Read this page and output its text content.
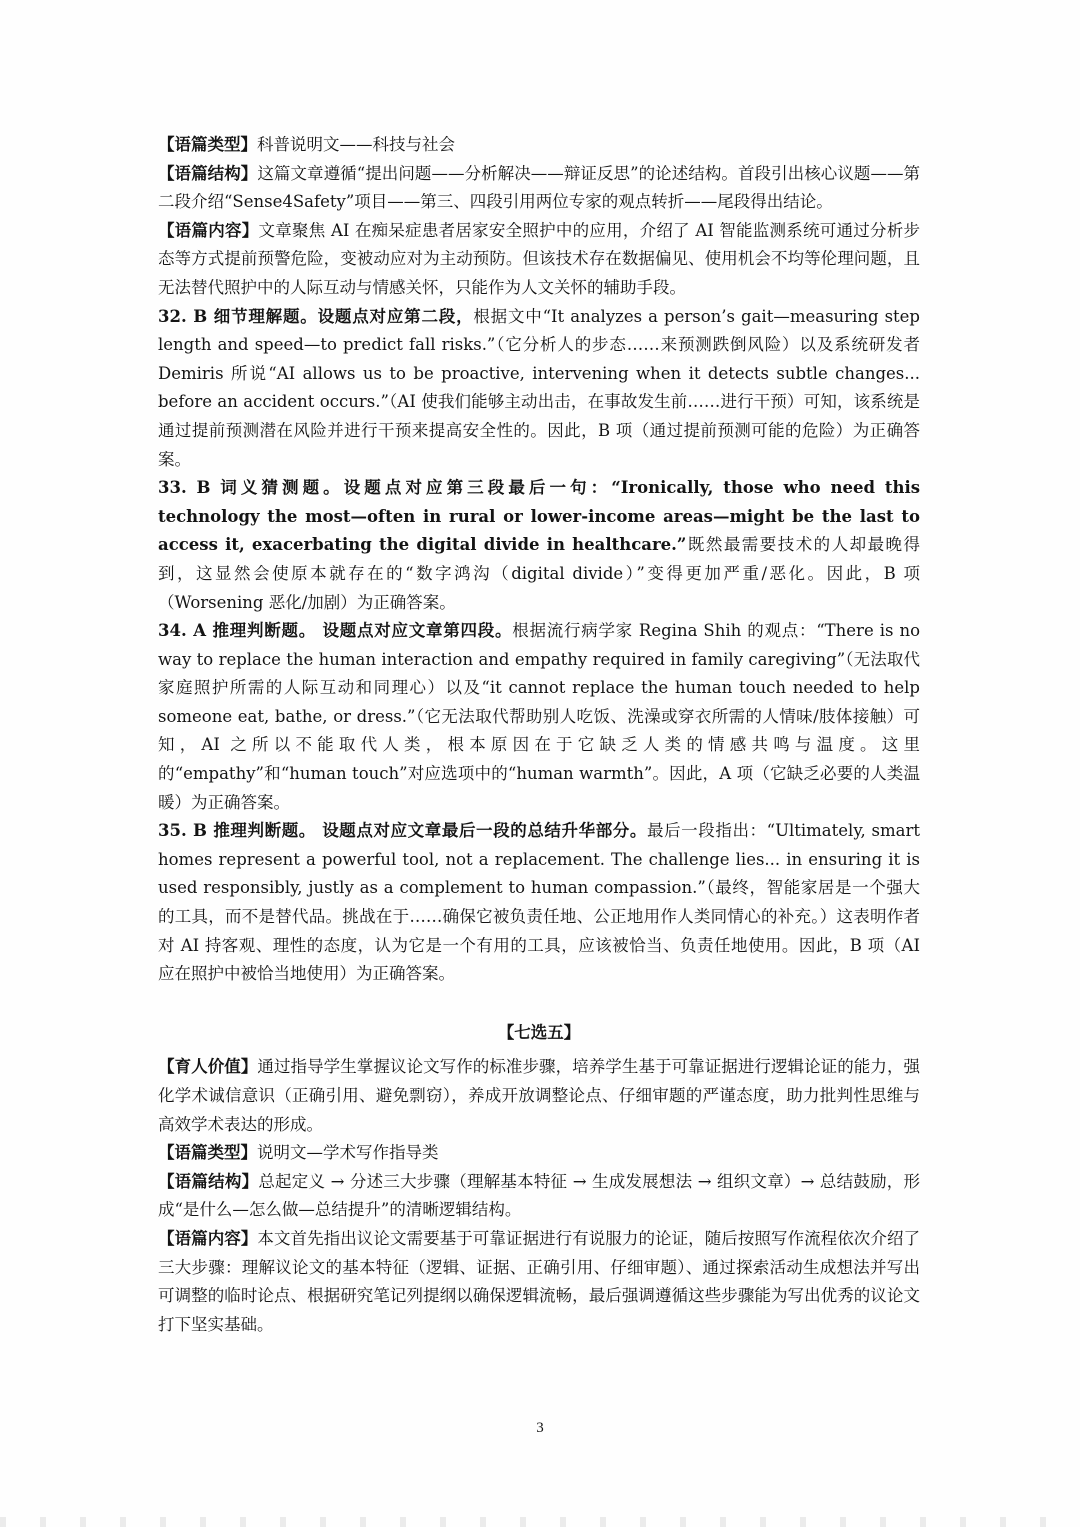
【语篇类型】科普说明文——科技与社会

【语篇结构】这篇文章遵循“提出问题——分析解决——辩证反思”的论述结构。首段引出核心议题——第二段介绍“Sense4Safety”项目——第三、四段引用两位专家的观点转折——尾段得出结论。

【语篇内容】文章聚焦 AI 在痴呆症患者居家安全照护中的应用，介绍了 AI 智能监测系统可通过分析步态等方式提前预警危险，变被动应对为主动预防。但该技术存在数据偏见、使用机会不均等伦理问题，且无法替代照护中的人际互动与情感关怀，只能作为人文关怀的辅助手段。

32. B 细节理解题。设题点对应第二段，根据文中“It analyzes a person’s gait—measuring step length and speed—to predict fall risks.”（它分析人的步态……来预测跌倒风险）以及系统研发者 Demiris 所说“AI allows us to be proactive, intervening when it detects subtle changes... before an accident occurs.”（AI 使我们能够主动出击，在事故发生前……进行干预）可知，该系统是通过提前预测潜在风险并进行干预来提高安全性的。因此，B 项（通过提前预测可能的危险）为正确答案。

33. B 词义猜测题。设题点对应第三段最后一句：“Ironically, those who need this technology the most—often in rural or lower-income areas—might be the last to access it, exacerbating the digital divide in healthcare.”既然最需要技术的人却最晚得到，这显然会使原本就存在的“数字鸿沟（digital divide）”变得更加严重/恶化。因此，B 项（Worsening 恶化/加剧）为正确答案。

34. A 推理判断题。 设题点对应文章第四段。根据流行病学家 Regina Shih 的观点：“There is no way to replace the human interaction and empathy required in family caregiving”（无法取代家庭照护所需的人际互动和同理心）以及“it cannot replace the human touch needed to help someone eat, bathe, or dress.”（它无法取代帮助别人吃饭、洗澡或穿衣所需的人情味/肢体接触）可知，AI 之所以不能取代人类，根本原因在于它缺乏人类的情感共鸣与温度。这里的“empathy”和“human touch”对应选项中的“human warmth”。因此，A 项（它缺乏必要的人类温暖）为正确答案。

35. B 推理判断题。 设题点对应文章最后一段的总结升华部分。最后一段指出：“Ultimately, smart homes represent a powerful tool, not a replacement. The challenge lies... in ensuring it is used responsibly, justly as a complement to human compassion.”（最终，智能家居是一个强大的工具，而不是替代品。挑战在于……确保它被负责任地、公正地用作人类同情心的补充。）这表明作者对 AI 持客观、理性的态度，认为它是一个有用的工具，应该被恰当、负责任地使用。因此，B 项（AI 应在照护中被恰当地使用）为正确答案。

【七选五】

【育人价值】通过指导学生掌握议论文写作的标准步骤，培养学生基于可靠证据进行逻辑论证的能力，强化学术诚信意识（正确引用、避免剽窃），养成开放调整论点、仔细审题的严谨态度，助力批判性思维与高效学术表达的形成。

【语篇类型】说明文—学术写作指导类

【语篇结构】总起定义 → 分述三大步骤（理解基本特征 → 生成发展想法 → 组织文章）→ 总结鼓励，形成“是什么—怎么做—总结提升”的清晰逻辑结构。

【语篇内容】本文首先指出议论文需要基于可靠证据进行有说服力的论证，随后按照写作流程依次介绍了三大步骤：理解议论文的基本特征（逻辑、证据、正确引用、仔细审题）、通过探索活动生成想法并写出可调整的临时论点、根据研究笔记列提纲以确保逻辑流畅，最后强调遵循这些步骤能为写出优秀的议论文打下坚实基础。

3
